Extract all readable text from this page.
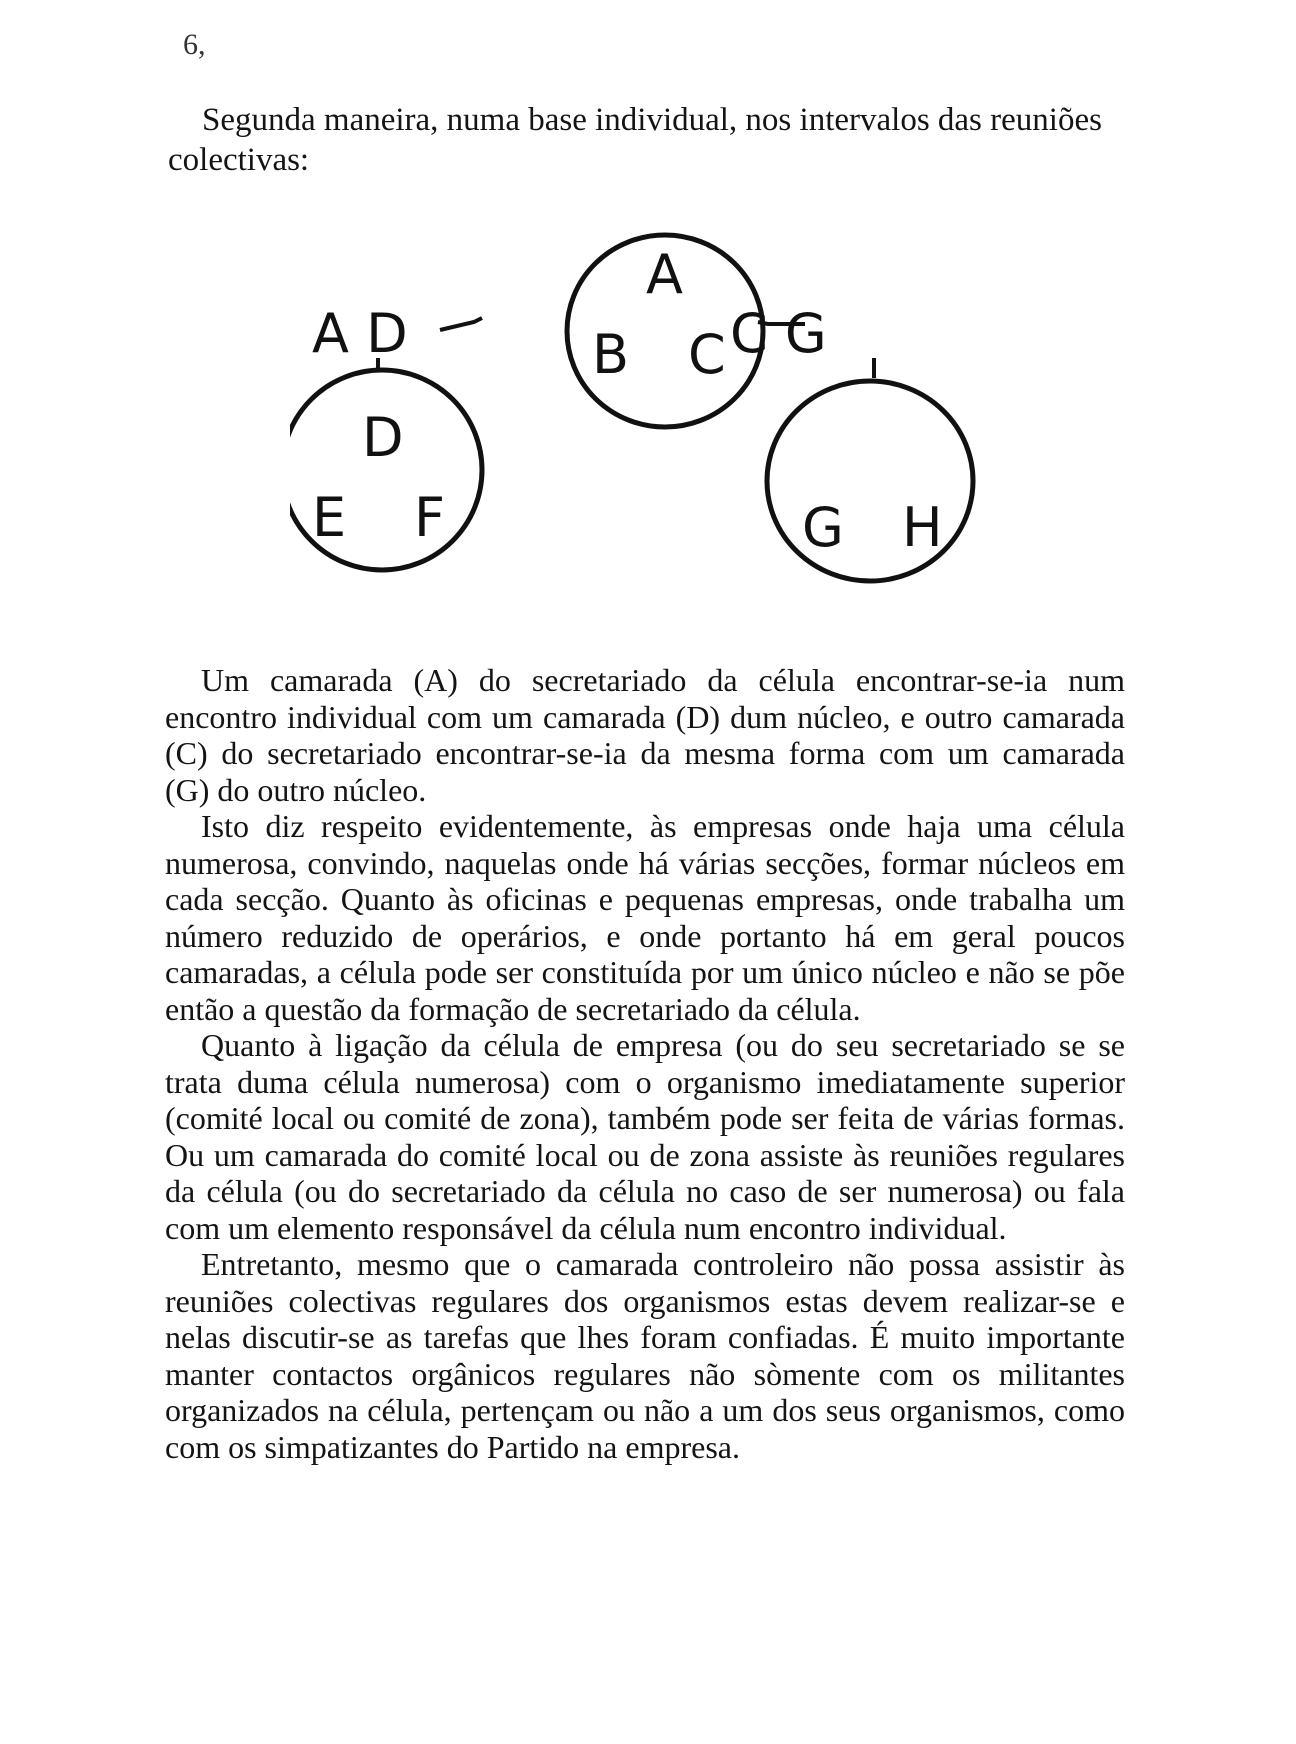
6,

Segunda maneira, numa base individual, nos intervalos das reuniões colectivas:

A
B C
D
E F	G H
A D	C G

Um camarada (A) do secretariado da célula encontrar-se-ia num encontro individual com um camarada (D) dum núcleo, e outro camarada (C) do secretariado encontrar-se-ia da mesma forma com um camarada (G) do outro núcleo.

Isto diz respeito evidentemente, às empresas onde haja uma célula numerosa, convindo, naquelas onde há várias secções, formar núcleos em cada secção. Quanto às oficinas e pequenas empresas, onde trabalha um número reduzido de operários, e onde portanto há em geral poucos camaradas, a célula pode ser constituída por um único núcleo e não se põe então a questão da formação de secretariado da célula.

Quanto à ligação da célula de empresa (ou do seu secretariado se se trata duma célula numerosa) com o organismo imediatamente superior (comité local ou comité de zona), também pode ser feita de várias formas. Ou um camarada do comité local ou de zona assiste às reuniões regulares da célula (ou do secretariado da célula no caso de ser numerosa) ou fala com um elemento responsável da célula num encontro individual.

Entretanto, mesmo que o camarada controleiro não possa assistir às reuniões colectivas regulares dos organismos estas devem realizar-se e nelas discutir-se as tarefas que lhes foram confiadas. É muito importante manter contactos orgânicos regulares não sòmente com os militantes organizados na célula, pertençam ou não a um dos seus organismos, como com os simpatizantes do Partido na empresa.
